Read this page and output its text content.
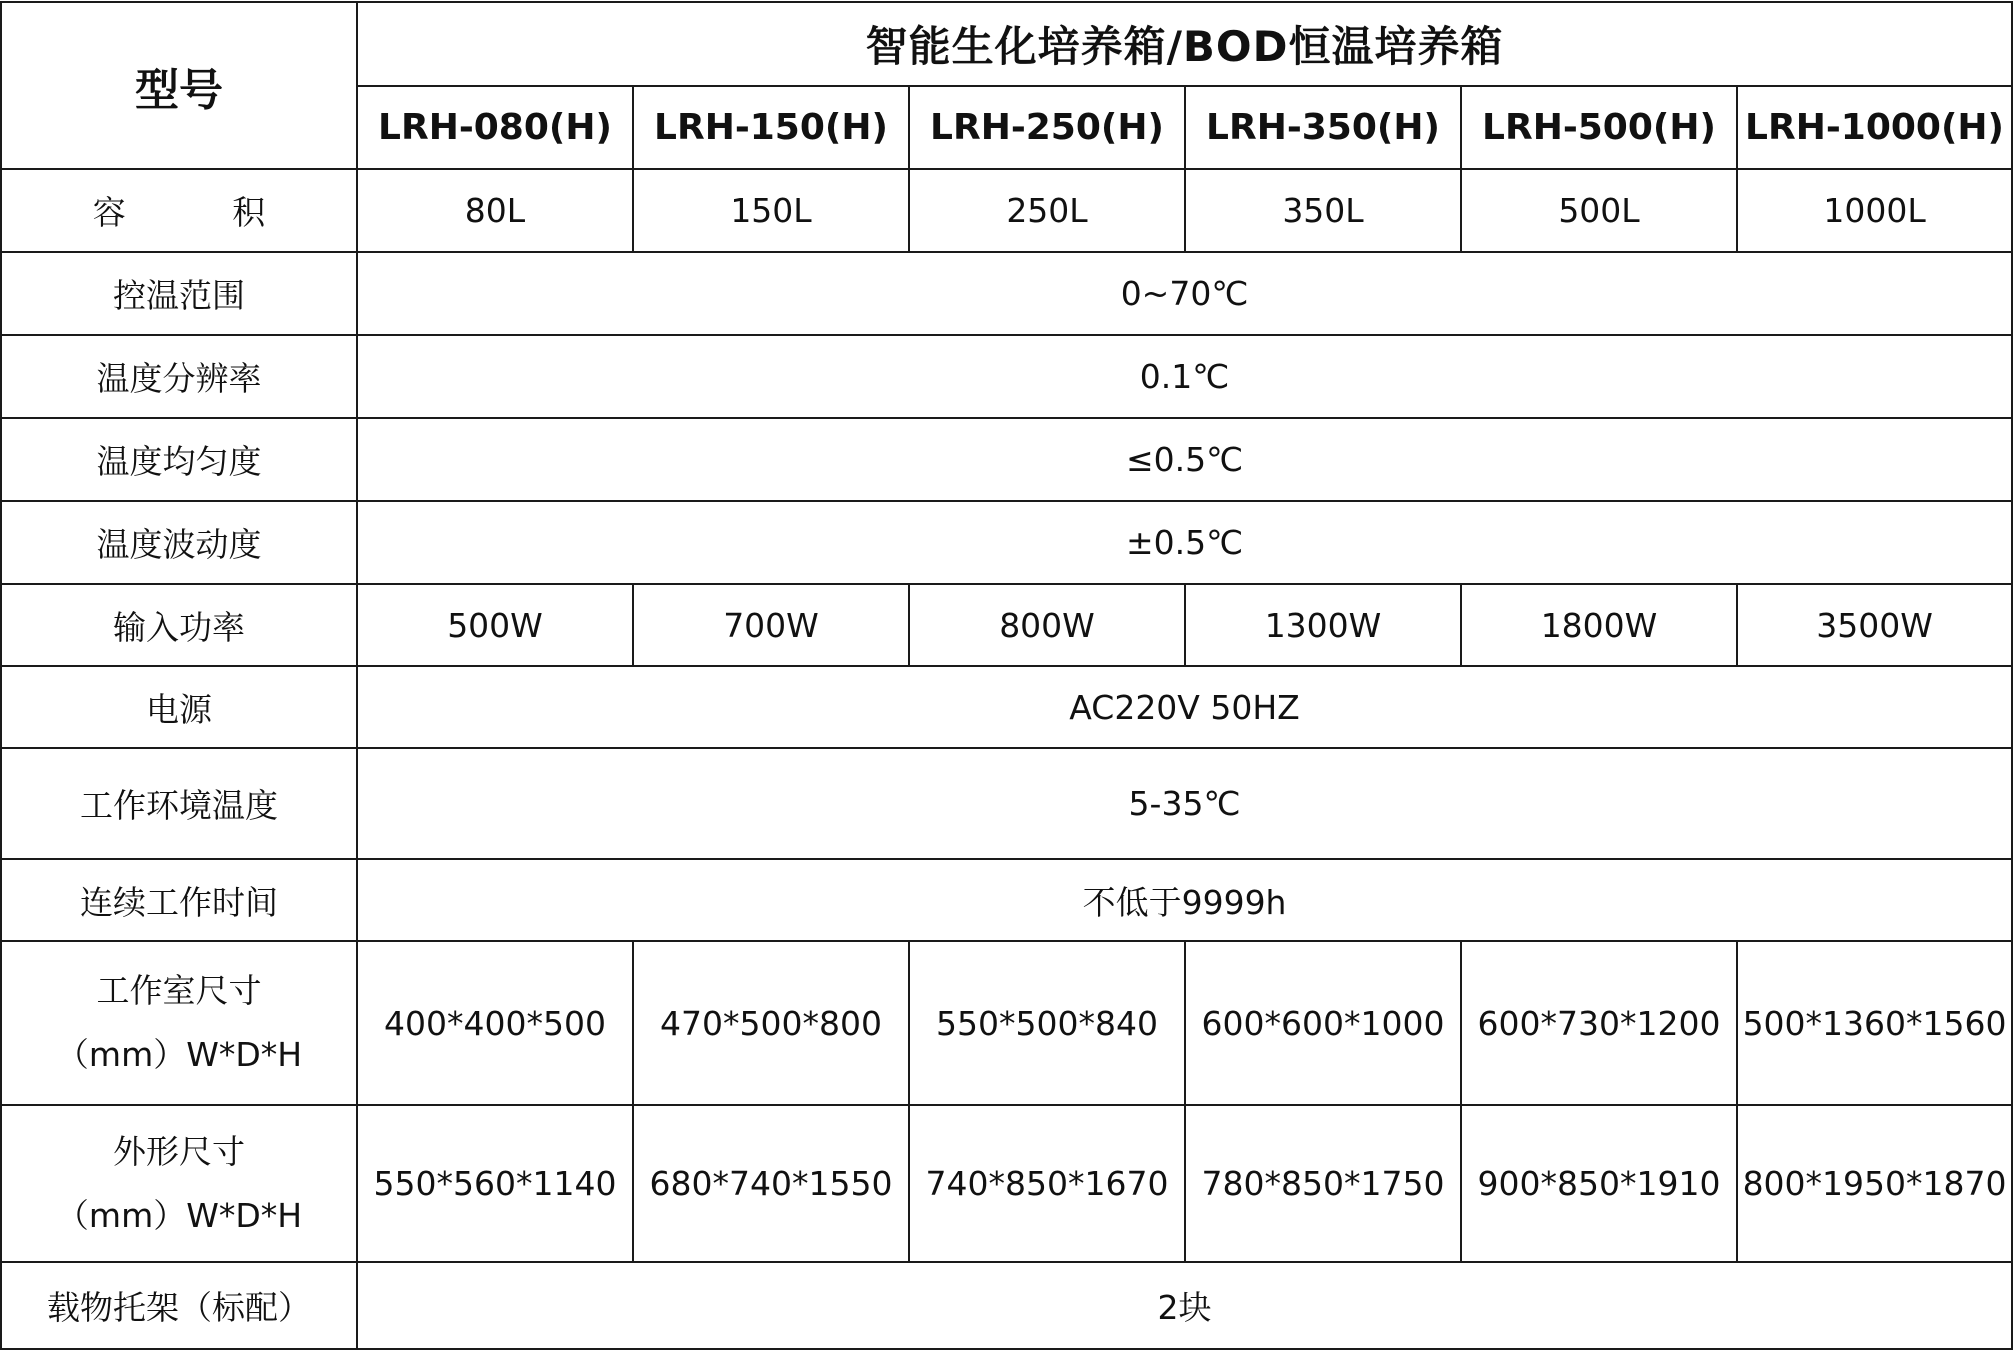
型号	智能生化培养箱/BOD恒温培养箱					
	LRH-080(H)	LRH-150(H)	LRH-250(H)	LRH-350(H)	LRH-500(H)	LRH-1000(H)
容 积	80L	150L	250L	350L	500L	1000L
控温范围	0~70℃					
温度分辨率	0.1℃					
温度均匀度	≤0.5℃					
温度波动度	±0.5℃					
输入功率	500W	700W	800W	1300W	1800W	3500W
电源	AC220V 50HZ					
工作环境温度	5-35℃					
连续工作时间	不低于9999h					

工作室尺寸
（mm）W*D*H	400*400*500	470*500*800	550*500*840	600*600*1000	600*730*1200	500*1360*1560

外形尺寸
（mm）W*D*H	550*560*1140	680*740*1550	740*850*1670	780*850*1750	900*850*1910	800*1950*1870
载物托架（标配）	2块					
